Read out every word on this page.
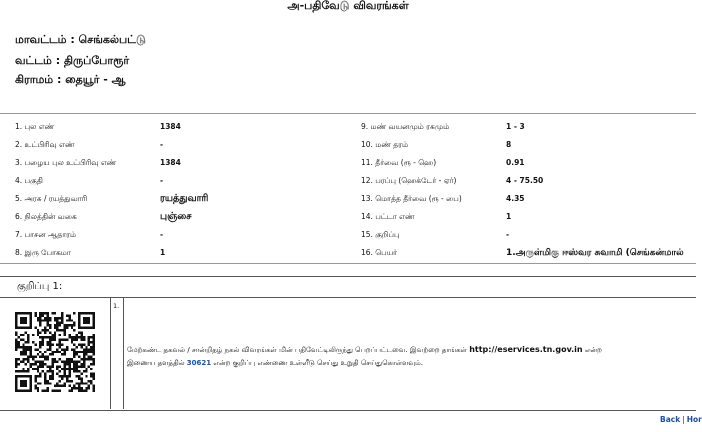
அ-பதிவேடு விவரங்கள்
மாவட்டம் : செங்கல்பட்டு
வட்டம் : திருப்போரூர்
கிராமம் : தையூர் - ஆ
1. புல எண்	1384	9. மண் வயனமும் ரகமும்	1 - 3
2. உட்பிரிவு எண்	-	10. மண் தரம்	8
3. பழைய புல உட்பிரிவு எண்	1384	11. தீர்வை (ரூ - ஹெ)	0.91
4. பகுதி	-	12. பரப்பு (ஹெக்டேர் - ஏர்)	4 - 75.50
5. அரசு / ரயத்துவாரி	ரயத்துவாரி	13. மொத்த தீர்வை (ரூ - பை)	4.35
6. நிலத்தின் வகை	புஞ்சை	14. பட்டா எண்	1
7. பாசன ஆதாரம்	-	15. குறிப்பு	-
8. இரு போகமா	1	16. பெயர்	1.அருள்மிகு ஈஸ்வர சுவாமி (செங்கன்மால்
குறிப்பு 1:
1.
மேற்கண்ட தகவல் / சான்றிதழ் நகல் விவரங்கள் மின் பதிவேட்டிலிருந்து பெறப்பட்டவை. இவற்றை தாங்கள் http://eservices.tn.gov.in என்ற
இணைய தளத்தில் 30621 என்ற குறிப்பு எண்ணை உள்ளீடு செய்து உறுதி செய்துகொள்ளவும்.
Back | Hor
